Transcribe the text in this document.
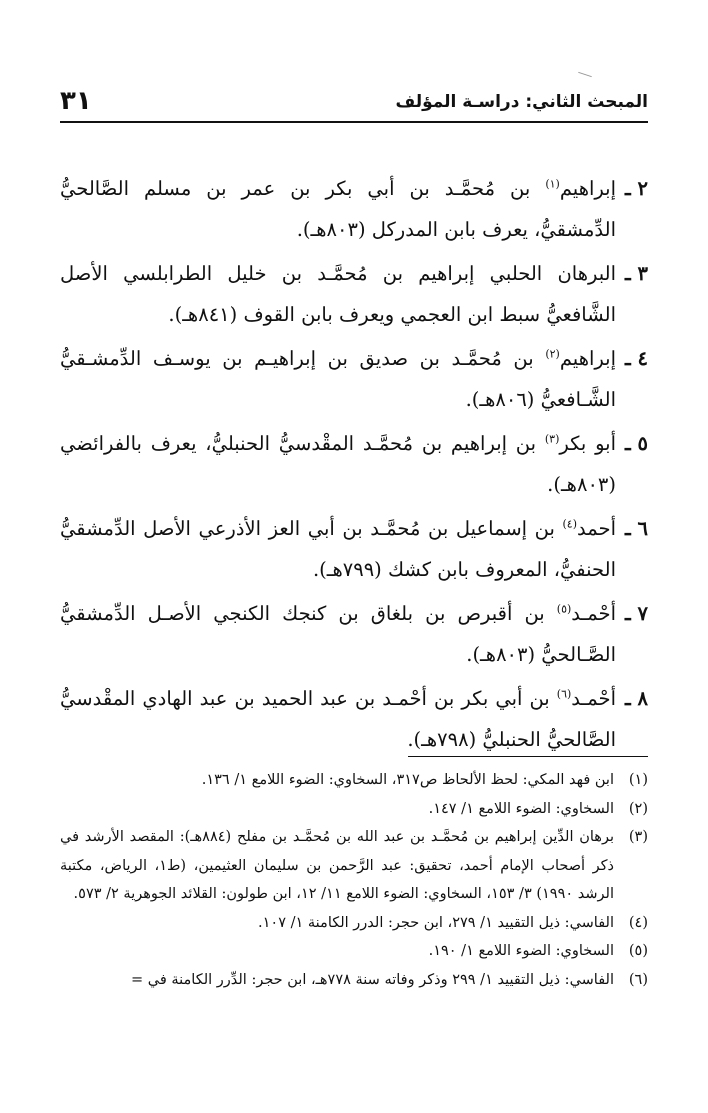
المبحث الثاني: دراسـة المؤلف
٣١
٢ ـ
إبراهيم$^{(١)}$ بن مُحمَّـد بن أبي بكر بن عمر بن مسلم الصَّالحيُّ الدِّمشقيُّ، يعرف بابن المدركل (٨٠٣هـ).
٣ ـ
البرهان الحلبي إبراهيم بن مُحمَّـد بن خليل الطرابلسي الأصل الشَّافعيُّ سبط ابن العجمي ويعرف بابن القوف (٨٤١هـ).
٤ ـ
إبراهيم$^{(٢)}$ بن مُحمَّـد بن صديق بن إبراهيـم بن يوسـف الدِّمشـقيُّ الشَّـافعيُّ (٨٠٦هـ).
٥ ـ
أبو بكر$^{(٣)}$ بن إبراهيم بن مُحمَّـد المقْدسيُّ الحنبليُّ، يعرف بالفرائضي (٨٠٣هـ).
٦ ـ
أحمد$^{(٤)}$ بن إسماعيل بن مُحمَّـد بن أبي العز الأذرعي الأصل الدِّمشقيُّ الحنفيُّ، المعروف بابن كشك (٧٩٩هـ).
٧ ـ
أحْمـد$^{(٥)}$ بن أقبرص بن بلغاق بن كنجك الكنجي الأصـل الدِّمشقيُّ الصَّـالحيُّ (٨٠٣هـ).
٨ ـ
أحْمـد$^{(٦)}$ بن أبي بكر بن أحْمـد بن عبد الحميد بن عبد الهادي المقْدسيُّ الصَّالحيُّ الحنبليُّ (٧٩٨هـ).
(١)
ابن فهد المكي: لحظ الألحاظ ص٣١٧، السخاوي: الضوء اللامع ١/ ١٣٦.
(٢)
السخاوي: الضوء اللامع ١/ ١٤٧.
(٣)
برهان الدِّين إبراهيم بن مُحمَّـد بن عبد الله بن مُحمَّـد بن مفلح (٨٨٤هـ): المقصد الأرشد في ذكر أصحاب الإمام أحمد، تحقيق: عبد الرَّحمن بن سليمان العثيمين، (ط١، الرياض، مكتبة الرشد ١٩٩٠) ٣/ ١٥٣، السخاوي: الضوء اللامع ١١/ ١٢، ابن طولون: القلائد الجوهرية ٢/ ٥٧٣.
(٤)
الفاسي: ذيل التقييد ١/ ٢٧٩، ابن حجر: الدرر الكامنة ١/ ١٠٧.
(٥)
السخاوي: الضوء اللامع ١/ ١٩٠.
(٦)
الفاسي: ذيل التقييد ١/ ٢٩٩ وذكر وفاته سنة ٧٧٨هـ، ابن حجر: الدِّرر الكامنة في =
